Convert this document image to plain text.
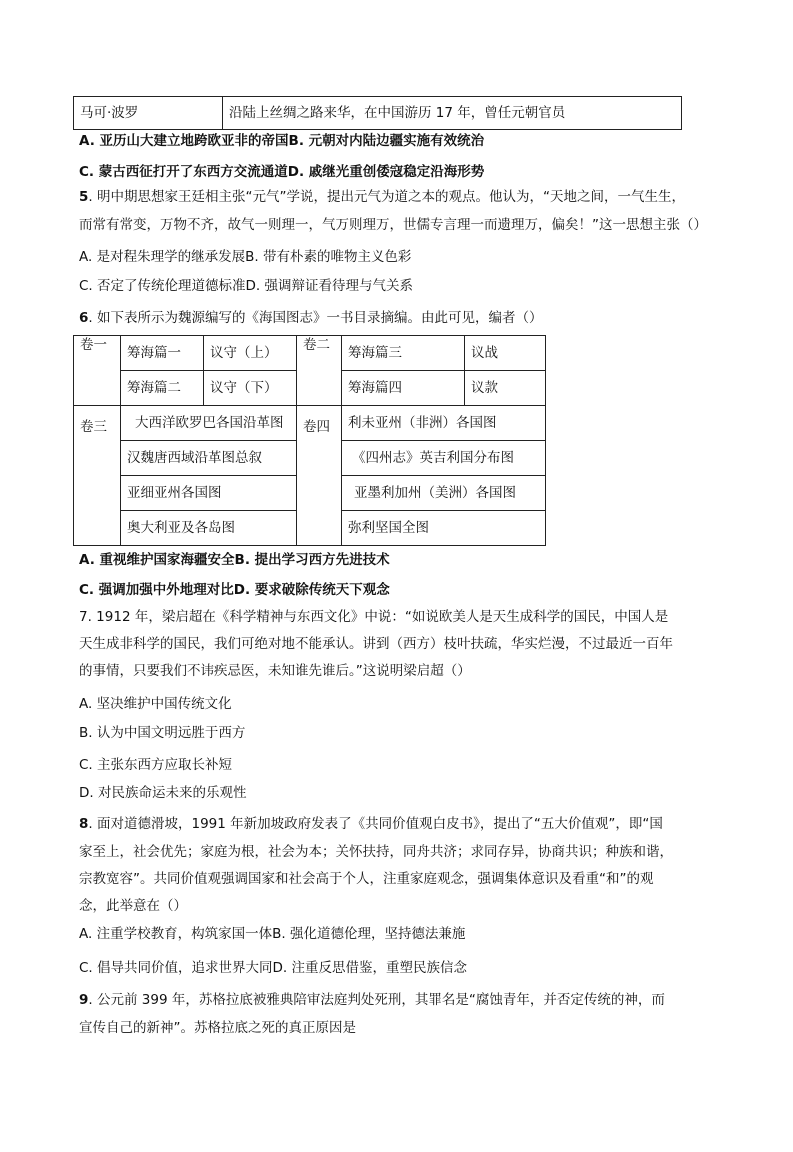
马可·波罗	沿陆上丝绸之路来华，在中国游历 17 年，曾任元朝官员
A. 亚历山大建立地跨欧亚非的帝国B. 元朝对内陆边疆实施有效统治
C. 蒙古西征打开了东西方交流通道D. 戚继光重创倭寇稳定沿海形势
5. 明中期思想家王廷相主张“元气”学说，提出元气为道之本的观点。他认为，“天地之间，一气生生，
而常有常变，万物不齐，故气一则理一，气万则理万，世儒专言理一而遗理万，偏矣！”这一思想主张（）
A. 是对程朱理学的继承发展B. 带有朴素的唯物主义色彩
C. 否定了传统伦理道德标准D. 强调辩证看待理与气关系
6. 如下表所示为魏源编写的《海国图志》一书目录摘编。由此可见，编者（）
卷一	筹海篇一	议守（上）	卷二	筹海篇三	议战
	筹海篇二	议守（下）		筹海篇四	议款
卷三	大西洋欧罗巴各国沿革图		卷四	利未亚州（非洲）各国图	
	汉魏唐西域沿革图总叙			《四州志》英吉利国分布图	
	亚细亚州各国图			亚墨利加州（美洲）各国图	
	奥大利亚及各岛图			弥利坚国全图	
A. 重视维护国家海疆安全B. 提出学习西方先进技术
C. 强调加强中外地理对比D. 要求破除传统天下观念
7. 1912 年，梁启超在《科学精神与东西文化》中说：“如说欧美人是天生成科学的国民，中国人是
天生成非科学的国民，我们可绝对地不能承认。讲到（西方）枝叶扶疏，华实烂漫，不过最近一百年
的事情，只要我们不讳疾忌医，未知谁先谁后。”这说明梁启超（）
A. 坚决维护中国传统文化
B. 认为中国文明远胜于西方
C. 主张东西方应取长补短
D. 对民族命运未来的乐观性
8. 面对道德滑坡，1991 年新加坡政府发表了《共同价值观白皮书》，提出了“五大价值观”，即“国
家至上，社会优先；家庭为根，社会为本；关怀扶持，同舟共济；求同存异，协商共识；种族和谐，
宗教宽容”。共同价值观强调国家和社会高于个人，注重家庭观念，强调集体意识及看重“和”的观
念，此举意在（）
A. 注重学校教育，构筑家国一体B. 强化道德伦理，坚持德法兼施
C. 倡导共同价值，追求世界大同D. 注重反思借鉴，重塑民族信念
9. 公元前 399 年，苏格拉底被雅典陪审法庭判处死刑，其罪名是“腐蚀青年，并否定传统的神，而
宣传自己的新神”。苏格拉底之死的真正原因是
